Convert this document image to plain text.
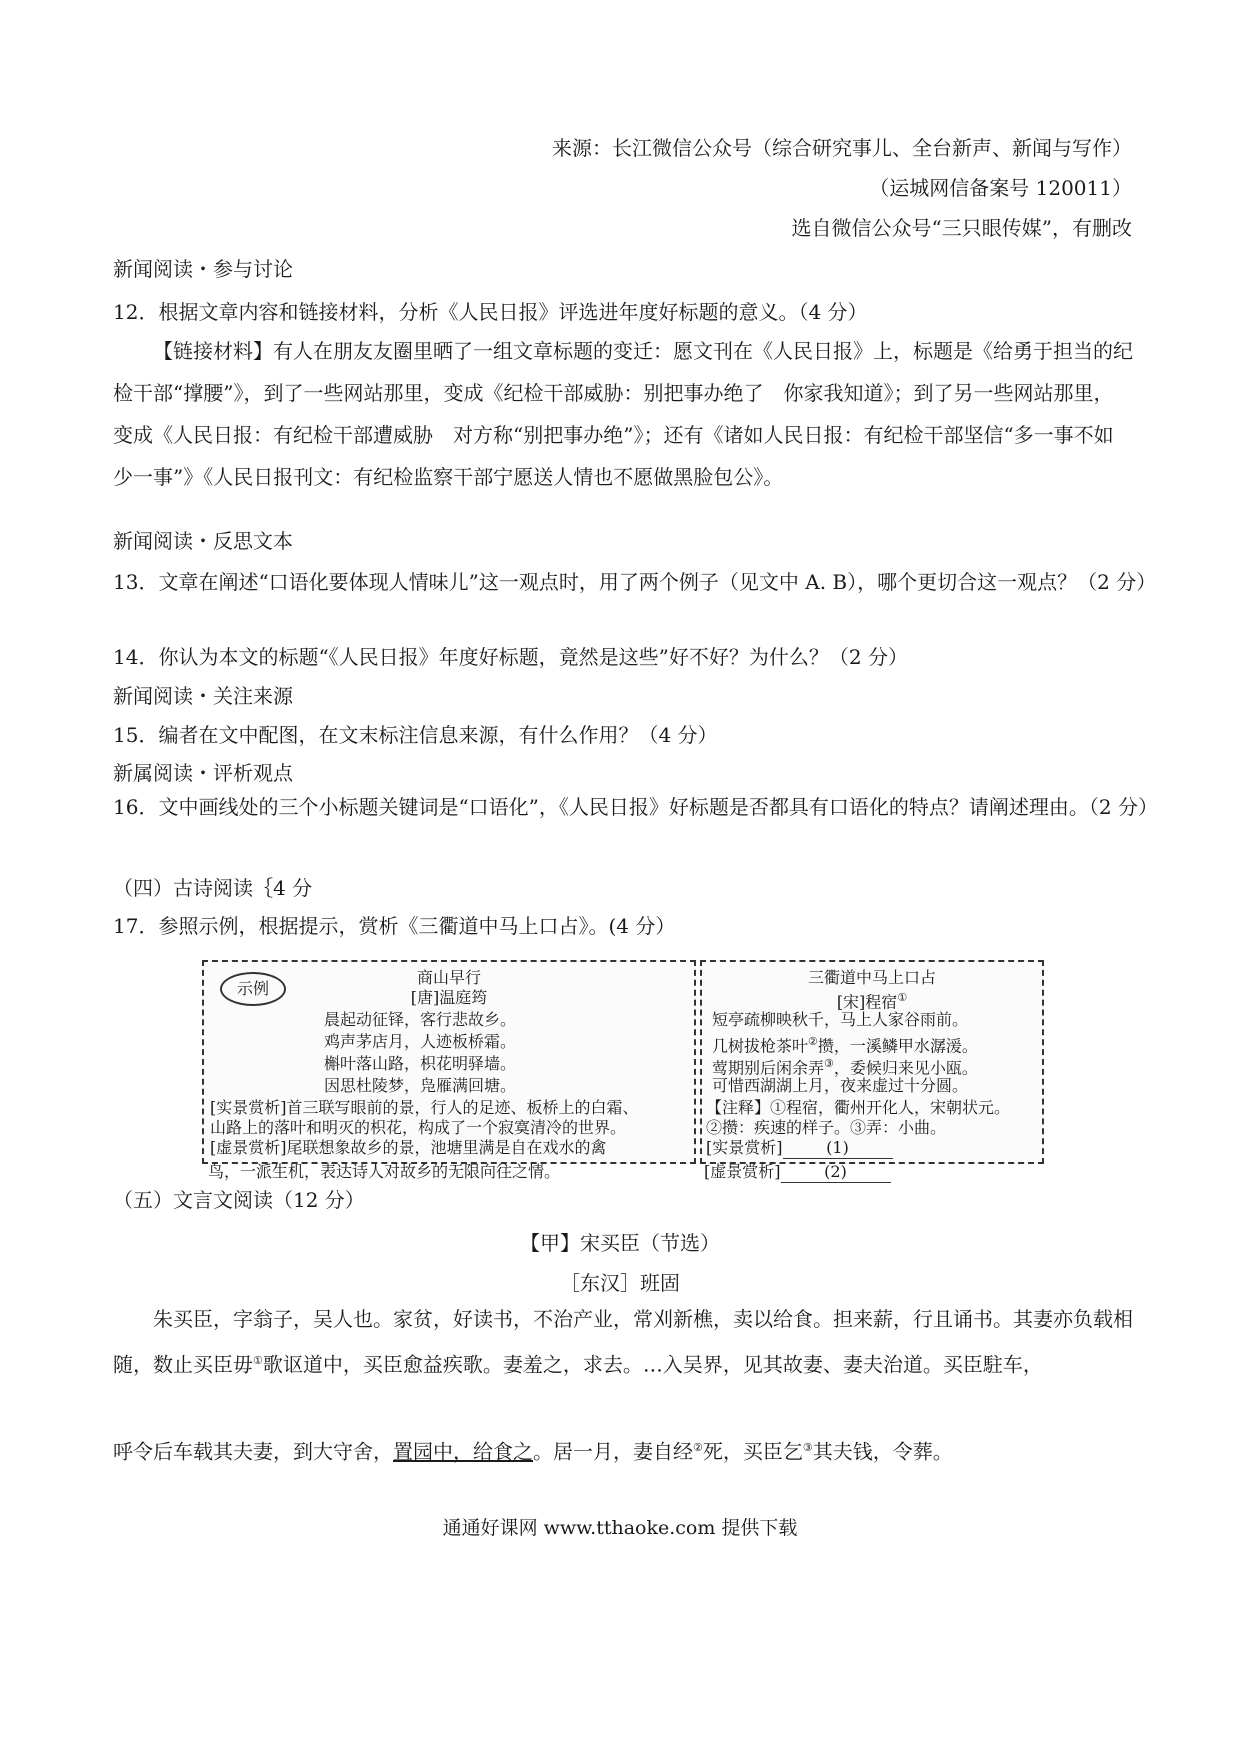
来源：长江微信公众号（综合研究事儿、全台新声、新闻与写作）
（运城网信备案号 120011）
选自微信公众号“三只眼传媒”，有删改
新闻阅读・参与讨论
12．根据文章内容和链接材料，分析《人民日报》评选进年度好标题的意义。（4 分）
【链接材料】有人在朋友友圈里晒了一组文章标题的变迁：愿文刊在《人民日报》上，标题是《给勇于担当的纪检干部“撑腰”》，到了一些网站那里，变成《纪检干部威胁：别把事办绝了　你家我知道》；到了另一些网站那里，变成《人民日报：有纪检干部遭威胁　对方称“别把事办绝”》；还有《诸如人民日报：有纪检干部坚信“多一事不如少一事”》《人民日报刊文：有纪检监察干部宁愿送人情也不愿做黑脸包公》。
新闻阅读・反思文本
13．文章在阐述“口语化要体现人情味儿”这一观点时，用了两个例子（见文中 A. B），哪个更切合这一观点？（2 分）
14．你认为本文的标题“《人民日报》年度好标题，竟然是这些”好不好？为什么？（2 分）
新闻阅读・关注来源
15．编者在文中配图，在文末标注信息来源，有什么作用？（4 分）
新属阅读・评析观点
16．文中画线处的三个小标题关键词是“口语化”，《人民日报》好标题是否都具有口语化的特点？请阐述理由。（2 分）
（四）古诗阅读｛4 分
17．参照示例，根据提示，赏析《三衢道中马上口占》。(4 分）
示例
商山早行
[唐]温庭筠
晨起动征铎，客行悲故乡。
鸡声茅店月，人迹板桥霜。
槲叶落山路，枳花明驿墙。
因思杜陵梦，凫雁满回塘。
[实景赏析]首三联写眼前的景，行人的足迹、板桥上的白霜、
山路上的落叶和明灭的枳花，构成了一个寂寞清冷的世界。
[虚景赏析]尾联想象故乡的景，池塘里满是自在戏水的禽
三衢道中马上口占
[宋]程宿①
短亭疏柳映秋千，马上人家谷雨前。
几树拔枪茶叶②攒，一溪鳞甲水潺湲。
莺期别后闲余弄③，委候归来见小瓯。
可惜西湖湖上月，夜来虚过十分圆。
【注释】①程宿，衢州开化人，宋朝状元。
②攒：疾速的样子。③弄：小曲。
[实景赏析]	(1)
[虚景赏析]	(2)
鸟，一派生机，表达诗人对故乡的无限向往之情。
（五）文言文阅读（12 分）
【甲】宋买臣（节选）
［东汉］班固
朱买臣，字翁子，吴人也。家贫，好读书，不治产业，常刈新樵，卖以给食。担来薪，行且诵书。其妻亦负载相随，数止买臣毋①歌讴道中，买臣愈益疾歌。妻羞之，求去。…入吴界，见其故妻、妻夫治道。买臣駐车，
呼令后车载其夫妻，到大守舍，置园中，给食之。居一月，妻自经②死，买臣乞③其夫钱，令葬。
通通好课网 www.tthaoke.com 提供下载
